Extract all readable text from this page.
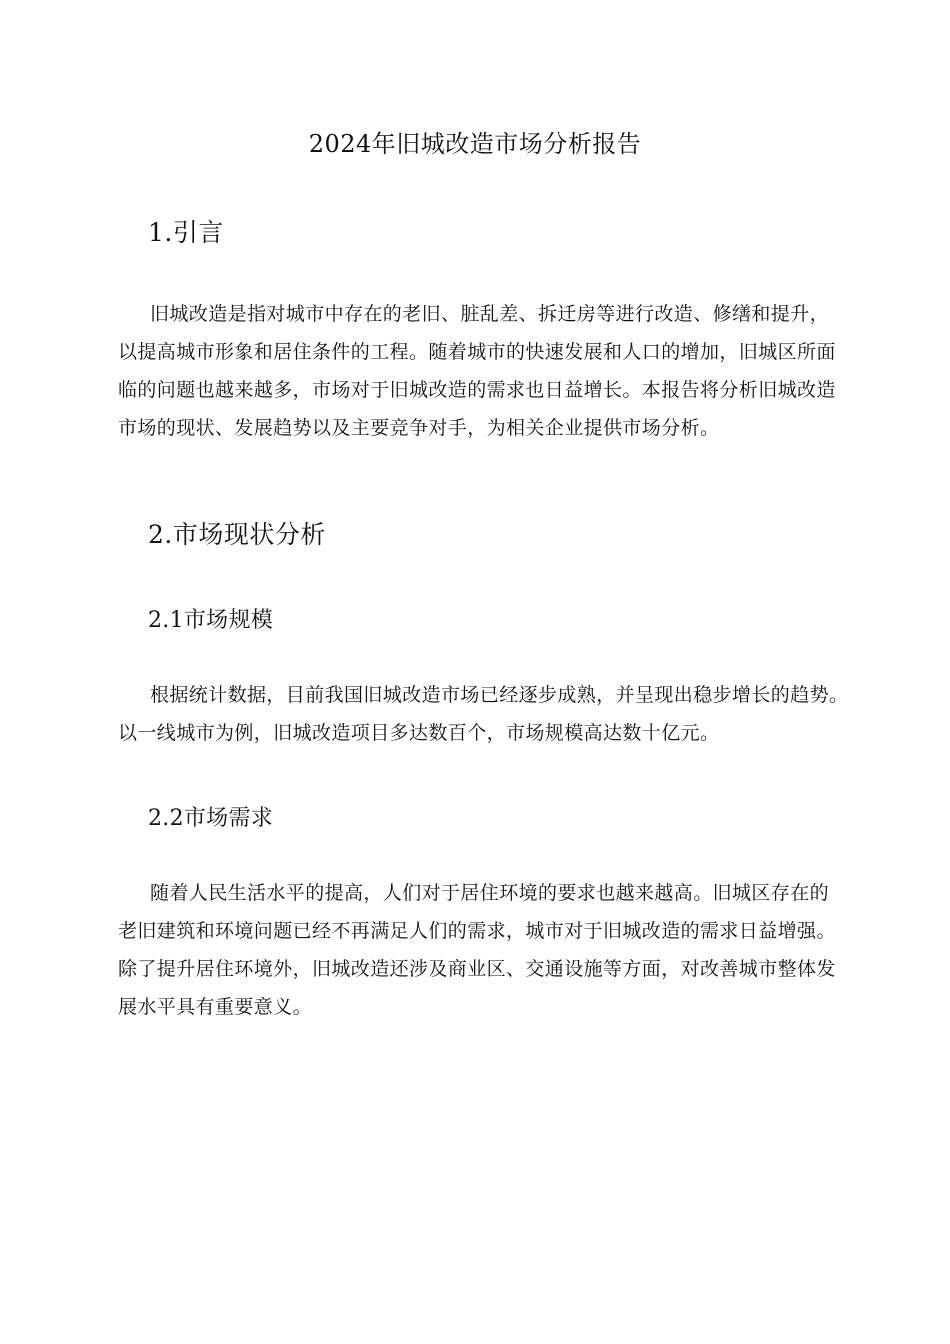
2024年旧城改造市场分析报告
1.引言
旧城改造是指对城市中存在的老旧、脏乱差、拆迁房等进行改造、修缮和提升，
以提高城市形象和居住条件的工程。随着城市的快速发展和人口的增加，旧城区所面
临的问题也越来越多，市场对于旧城改造的需求也日益增长。本报告将分析旧城改造
市场的现状、发展趋势以及主要竞争对手，为相关企业提供市场分析。
2.市场现状分析
2.1市场规模
根据统计数据，目前我国旧城改造市场已经逐步成熟，并呈现出稳步增长的趋势。
以一线城市为例，旧城改造项目多达数百个，市场规模高达数十亿元。
2.2市场需求
随着人民生活水平的提高，人们对于居住环境的要求也越来越高。旧城区存在的
老旧建筑和环境问题已经不再满足人们的需求，城市对于旧城改造的需求日益增强。
除了提升居住环境外，旧城改造还涉及商业区、交通设施等方面，对改善城市整体发
展水平具有重要意义。
